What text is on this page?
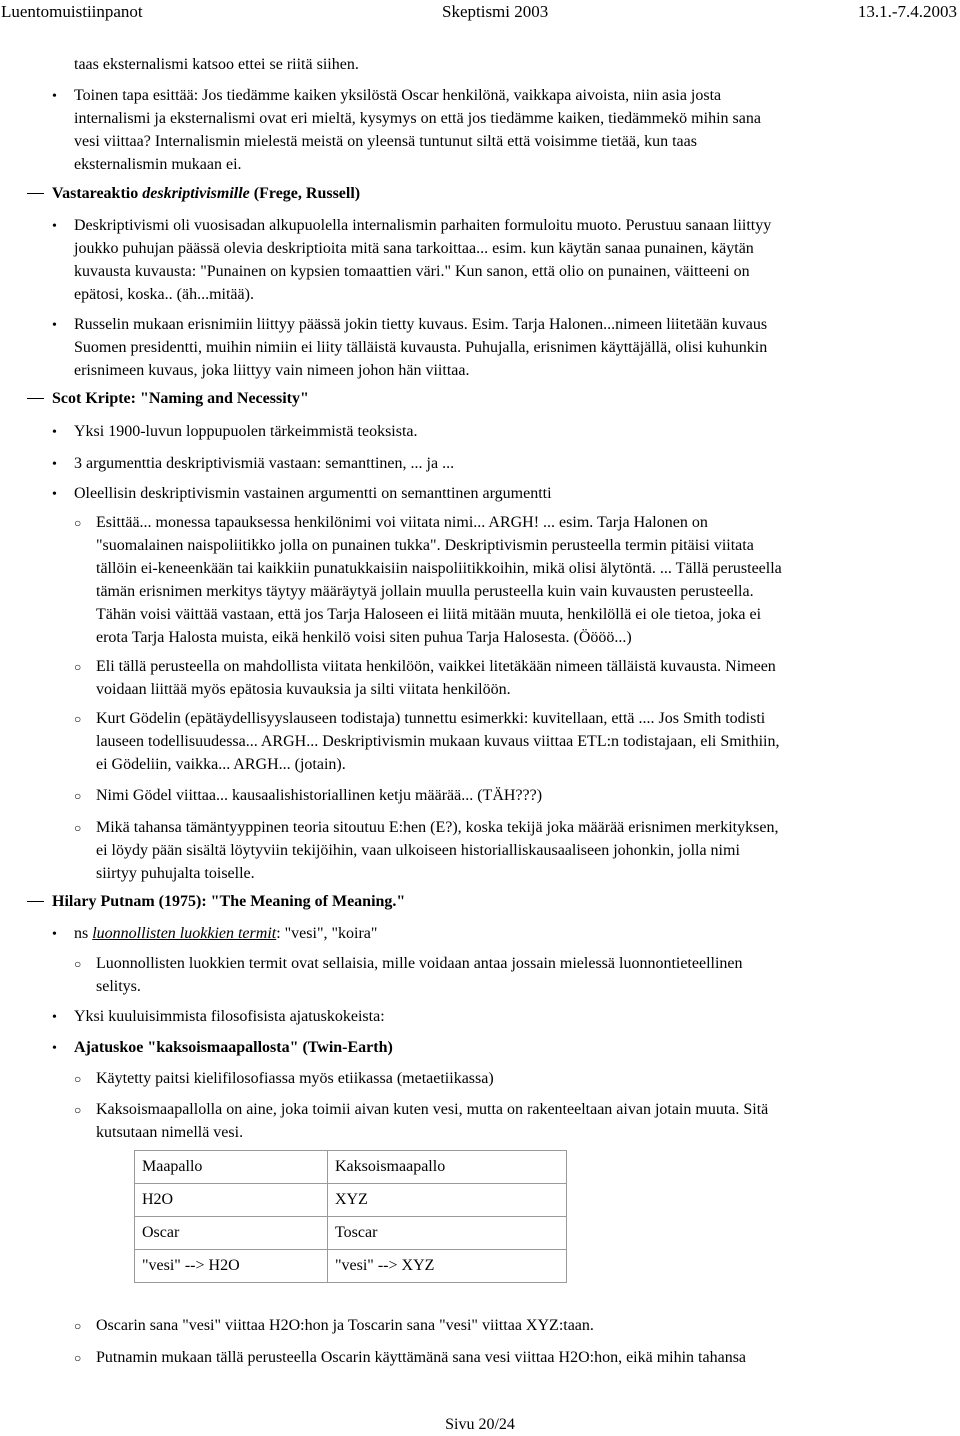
Luentomuistiinpanot	Skeptismi 2003	13.1.-7.4.2003
taas eksternalismi katsoo ettei se riitä siihen.
• Toinen tapa esittää: Jos tiedämme kaiken yksilöstä Oscar henkilönä, vaikkapa aivoista, niin asia josta
internalismi ja eksternalismi ovat eri mieltä, kysymys on että jos tiedämme kaiken, tiedämmekö mihin sana
vesi viittaa? Internalismin mielestä meistä on yleensä tuntunut siltä että voisimme tietää, kun taas
eksternalismin mukaan ei.
Vastareaktio deskriptivismille (Frege, Russell)
• Deskriptivismi oli vuosisadan alkupuolella internalismin parhaiten formuloitu muoto. Perustuu sanaan liittyy
joukko puhujan päässä olevia deskriptioita mitä sana tarkoittaa... esim. kun käytän sanaa punainen, käytän
kuvausta kuvausta: "Punainen on kypsien tomaattien väri." Kun sanon, että olio on punainen, väitteeni on
epätosi, koska.. (äh...mitää).
• Russelin mukaan erisnimiin liittyy päässä jokin tietty kuvaus. Esim. Tarja Halonen...nimeen liitetään kuvaus
Suomen presidentti, muihin nimiin ei liity tälläistä kuvausta. Puhujalla, erisnimen käyttäjällä, olisi kuhunkin
erisnimeen kuvaus, joka liittyy vain nimeen johon hän viittaa.
Scot Kripte: "Naming and Necessity"
• Yksi 1900-luvun loppupuolen tärkeimmistä teoksista.
• 3 argumenttia deskriptivismiä vastaan: semanttinen, ... ja ...
• Oleellisin deskriptivismin vastainen argumentti on semanttinen argumentti
○ Esittää... monessa tapauksessa henkilönimi voi viitata nimi... ARGH! ... esim. Tarja Halonen on
"suomalainen naispoliitikko jolla on punainen tukka". Deskriptivismin perusteella termin pitäisi viitata
tällöin ei-keneenkään tai kaikkiin punatukkaisiin naispoliitikkoihin, mikä olisi älytöntä. ... Tällä perusteella
tämän erisnimen merkitys täytyy määräytyä jollain muulla perusteella kuin vain kuvausten perusteella.
Tähän voisi väittää vastaan, että jos Tarja Haloseen ei liitä mitään muuta, henkilöllä ei ole tietoa, joka ei
erota Tarja Halosta muista, eikä henkilö voisi siten puhua Tarja Halosesta. (Öööö...)
○ Eli tällä perusteella on mahdollista viitata henkilöön, vaikkei litetäkään nimeen tälläistä kuvausta. Nimeen
voidaan liittää myös epätosia kuvauksia ja silti viitata henkilöön.
○ Kurt Gödelin (epätäydellisyyslauseen todistaja) tunnettu esimerkki: kuvitellaan, että .... Jos Smith todisti
lauseen todellisuudessa... ARGH... Deskriptivismin mukaan kuvaus viittaa ETL:n todistajaan, eli Smithiin,
ei Gödeliin, vaikka... ARGH... (jotain).
○ Nimi Gödel viittaa... kausaalishistoriallinen ketju määrää... (TÄH???)
○ Mikä tahansa tämäntyyppinen teoria sitoutuu E:hen (E?), koska tekijä joka määrää erisnimen merkityksen,
ei löydy pään sisältä löytyviin tekijöihin, vaan ulkoiseen historialliskausaaliseen johonkin, jolla nimi
siirtyy puhujalta toiselle.
Hilary Putnam (1975): "The Meaning of Meaning."
• ns luonnollisten luokkien termit: "vesi", "koira"
○ Luonnollisten luokkien termit ovat sellaisia, mille voidaan antaa jossain mielessä luonnontieteellinen
selitys.
• Yksi kuuluisimmista filosofisista ajatuskokeista:
• Ajatuskoe "kaksoismaapallosta" (Twin-Earth)
○ Käytetty paitsi kielifilosofiassa myös etiikassa (metaetiikassa)
○ Kaksoismaapallolla on aine, joka toimii aivan kuten vesi, mutta on rakenteeltaan aivan jotain muuta. Sitä
kutsutaan nimellä vesi.
Maapallo	Kaksoismaapallo
H2O	XYZ
Oscar	Toscar
"vesi" --> H2O	"vesi" --> XYZ
○ Oscarin sana "vesi" viittaa H2O:hon ja Toscarin sana "vesi" viittaa XYZ:taan.
○ Putnamin mukaan tällä perusteella Oscarin käyttämänä sana vesi viittaa H2O:hon, eikä mihin tahansa
Sivu 20/24
